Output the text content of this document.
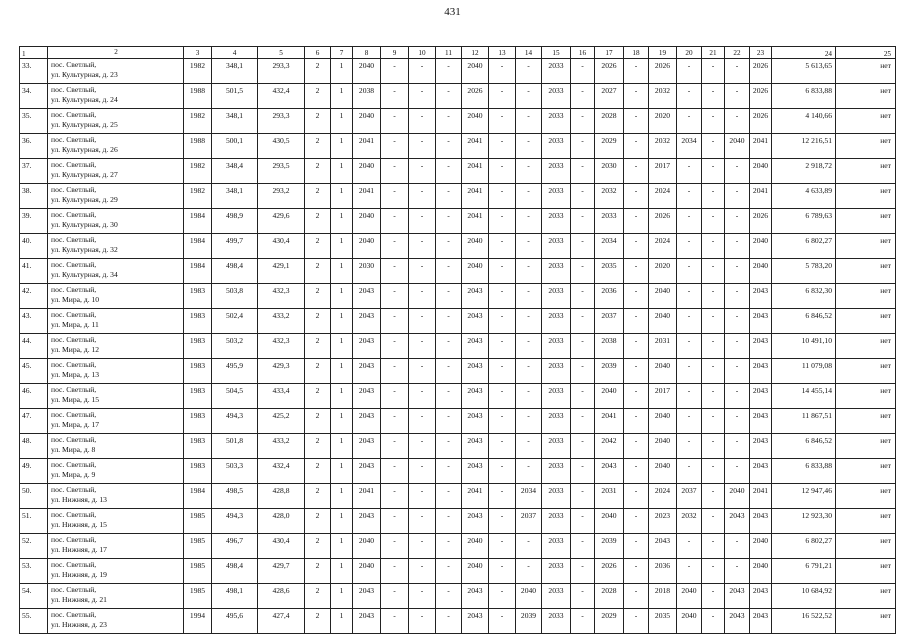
431
1	2	3	4	5	6	7	8	9	10	11	12	13	14	15	16	17	18	19	20	21	22	23	24	25
33.	пос. Светлый,
ул. Культурная, д. 23	1982	348,1	293,3	2	1	2040	-	-	-	2040	-	-	2033	-	2026	-	2026	-	-	-	2026	5 613,65	нет
34.	пос. Светлый,
ул. Культурная, д. 24	1988	501,5	432,4	2	1	2038	-	-	-	2026	-	-	2033	-	2027	-	2032	-	-	-	2026	6 833,88	нет
35.	пос. Светлый,
ул. Культурная, д. 25	1982	348,1	293,3	2	1	2040	-	-	-	2040	-	-	2033	-	2028	-	2020	-	-	-	2026	4 140,66	нет
36.	пос. Светлый,
ул. Культурная, д. 26	1988	500,1	430,5	2	1	2041	-	-	-	2041	-	-	2033	-	2029	-	2032	2034	-	2040	2041	12 216,51	нет
37.	пос. Светлый,
ул. Культурная, д. 27	1982	348,4	293,5	2	1	2040	-	-	-	2041	-	-	2033	-	2030	-	2017	-	-	-	2040	2 918,72	нет
38.	пос. Светлый,
ул. Культурная, д. 29	1982	348,1	293,2	2	1	2041	-	-	-	2041	-	-	2033	-	2032	-	2024	-	-	-	2041	4 633,89	нет
39.	пос. Светлый,
ул. Культурная, д. 30	1984	498,9	429,6	2	1	2040	-	-	-	2041	-	-	2033	-	2033	-	2026	-	-	-	2026	6 789,63	нет
40.	пос. Светлый,
ул. Культурная, д. 32	1984	499,7	430,4	2	1	2040	-	-	-	2040	-	-	2033	-	2034	-	2024	-	-	-	2040	6 802,27	нет
41.	пос. Светлый,
ул. Культурная, д. 34	1984	498,4	429,1	2	1	2030	-	-	-	2040	-	-	2033	-	2035	-	2020	-	-	-	2040	5 783,20	нет
42.	пос. Светлый,
ул. Мира, д. 10	1983	503,8	432,3	2	1	2043	-	-	-	2043	-	-	2033	-	2036	-	2040	-	-	-	2043	6 832,30	нет
43.	пос. Светлый,
ул. Мира, д. 11	1983	502,4	433,2	2	1	2043	-	-	-	2043	-	-	2033	-	2037	-	2040	-	-	-	2043	6 846,52	нет
44.	пос. Светлый,
ул. Мира, д. 12	1983	503,2	432,3	2	1	2043	-	-	-	2043	-	-	2033	-	2038	-	2031	-	-	-	2043	10 491,10	нет
45.	пос. Светлый,
ул. Мира, д. 13	1983	495,9	429,3	2	1	2043	-	-	-	2043	-	-	2033	-	2039	-	2040	-	-	-	2043	11 079,08	нет
46.	пос. Светлый,
ул. Мира, д. 15	1983	504,5	433,4	2	1	2043	-	-	-	2043	-	-	2033	-	2040	-	2017	-	-	-	2043	14 455,14	нет
47.	пос. Светлый,
ул. Мира, д. 17	1983	494,3	425,2	2	1	2043	-	-	-	2043	-	-	2033	-	2041	-	2040	-	-	-	2043	11 867,51	нет
48.	пос. Светлый,
ул. Мира, д. 8	1983	501,8	433,2	2	1	2043	-	-	-	2043	-	-	2033	-	2042	-	2040	-	-	-	2043	6 846,52	нет
49.	пос. Светлый,
ул. Мира, д. 9	1983	503,3	432,4	2	1	2043	-	-	-	2043	-	-	2033	-	2043	-	2040	-	-	-	2043	6 833,88	нет
50.	пос. Светлый,
ул. Нижняя, д. 13	1984	498,5	428,8	2	1	2041	-	-	-	2041	-	2034	2033	-	2031	-	2024	2037	-	2040	2041	12 947,46	нет
51.	пос. Светлый,
ул. Нижняя, д. 15	1985	494,3	428,0	2	1	2043	-	-	-	2043	-	2037	2033	-	2040	-	2023	2032	-	2043	2043	12 923,30	нет
52.	пос. Светлый,
ул. Нижняя, д. 17	1985	496,7	430,4	2	1	2040	-	-	-	2040	-	-	2033	-	2039	-	2043	-	-	-	2040	6 802,27	нет
53.	пос. Светлый,
ул. Нижняя, д. 19	1985	498,4	429,7	2	1	2040	-	-	-	2040	-	-	2033	-	2026	-	2036	-	-	-	2040	6 791,21	нет
54.	пос. Светлый,
ул. Нижняя, д. 21	1985	498,1	428,6	2	1	2043	-	-	-	2043	-	2040	2033	-	2028	-	2018	2040	-	2043	2043	10 684,92	нет
55.	пос. Светлый,
ул. Нижняя, д. 23	1994	495,6	427,4	2	1	2043	-	-	-	2043	-	2039	2033	-	2029	-	2035	2040	-	2043	2043	16 522,52	нет
